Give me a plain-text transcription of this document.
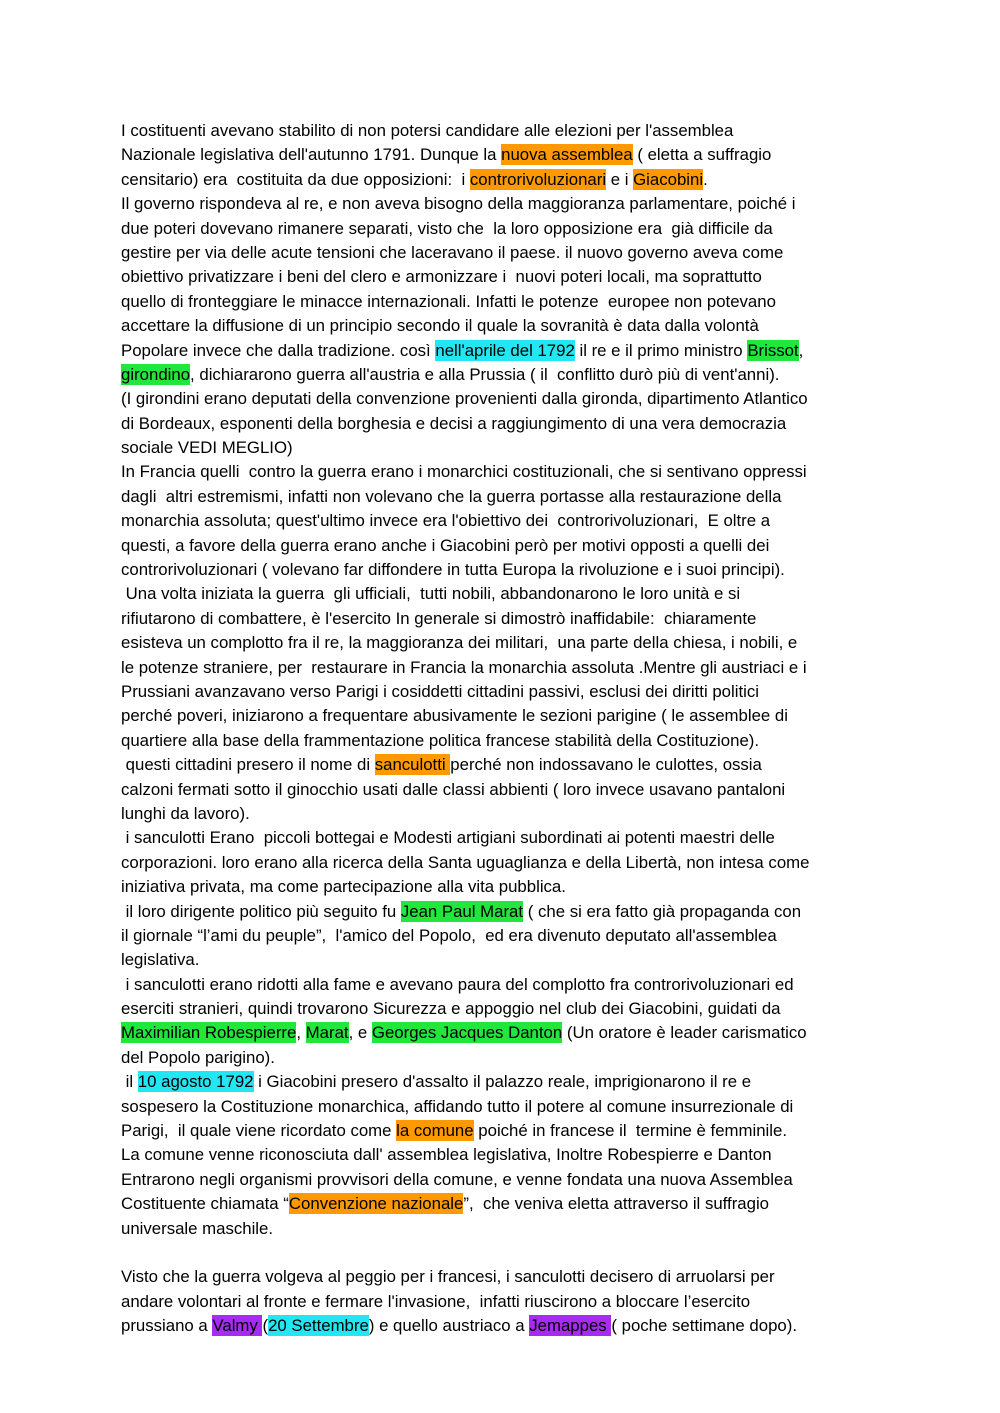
I costituenti avevano stabilito di non potersi candidare alle elezioni per l'assemblea
Nazionale legislativa dell'autunno 1791. Dunque la nuova assemblea ( eletta a suffragio
censitario) era  costituita da due opposizioni:  i controrivoluzionari e i Giacobini.
Il governo rispondeva al re, e non aveva bisogno della maggioranza parlamentare, poiché i
due poteri dovevano rimanere separati, visto che  la loro opposizione era  già difficile da
gestire per via delle acute tensioni che laceravano il paese. il nuovo governo aveva come
obiettivo privatizzare i beni del clero e armonizzare i  nuovi poteri locali, ma soprattutto
quello di fronteggiare le minacce internazionali. Infatti le potenze  europee non potevano
accettare la diffusione di un principio secondo il quale la sovranità è data dalla volontà
Popolare invece che dalla tradizione. così nell'aprile del 1792 il re e il primo ministro Brissot,
girondino, dichiararono guerra all'austria e alla Prussia ( il  conflitto durò più di vent'anni).
(I girondini erano deputati della convenzione provenienti dalla gironda, dipartimento Atlantico
di Bordeaux, esponenti della borghesia e decisi a raggiungimento di una vera democrazia
sociale VEDI MEGLIO)
In Francia quelli  contro la guerra erano i monarchici costituzionali, che si sentivano oppressi
dagli  altri estremismi, infatti non volevano che la guerra portasse alla restaurazione della
monarchia assoluta; quest'ultimo invece era l'obiettivo dei  controrivoluzionari,  E oltre a
questi, a favore della guerra erano anche i Giacobini però per motivi opposti a quelli dei
controrivoluzionari ( volevano far diffondere in tutta Europa la rivoluzione e i suoi principi).
Una volta iniziata la guerra  gli ufficiali,  tutti nobili, abbandonarono le loro unità e si
rifiutarono di combattere, è l'esercito In generale si dimostrò inaffidabile:  chiaramente
esisteva un complotto fra il re, la maggioranza dei militari,  una parte della chiesa, i nobili, e
le potenze straniere, per  restaurare in Francia la monarchia assoluta .Mentre gli austriaci e i
Prussiani avanzavano verso Parigi i cosiddetti cittadini passivi, esclusi dei diritti politici
perché poveri, iniziarono a frequentare abusivamente le sezioni parigine ( le assemblee di
quartiere alla base della frammentazione politica francese stabilità della Costituzione).
questi cittadini presero il nome di sanculotti perché non indossavano le culottes, ossia
calzoni fermati sotto il ginocchio usati dalle classi abbienti ( loro invece usavano pantaloni
lunghi da lavoro).
i sanculotti Erano  piccoli bottegai e Modesti artigiani subordinati ai potenti maestri delle
corporazioni. loro erano alla ricerca della Santa uguaglianza e della Libertà, non intesa come
iniziativa privata, ma come partecipazione alla vita pubblica.
il loro dirigente politico più seguito fu Jean Paul Marat ( che si era fatto già propaganda con
il giornale “l’ami du peuple”,  l'amico del Popolo,  ed era divenuto deputato all'assemblea
legislativa.
i sanculotti erano ridotti alla fame e avevano paura del complotto fra controrivoluzionari ed
eserciti stranieri, quindi trovarono Sicurezza e appoggio nel club dei Giacobini, guidati da
Maximilian Robespierre, Marat, e Georges Jacques Danton (Un oratore è leader carismatico
del Popolo parigino).
il 10 agosto 1792 i Giacobini presero d'assalto il palazzo reale, imprigionarono il re e
sospesero la Costituzione monarchica, affidando tutto il potere al comune insurrezionale di
Parigi,  il quale viene ricordato come la comune poiché in francese il  termine è femminile.
La comune venne riconosciuta dall' assemblea legislativa, Inoltre Robespierre e Danton
Entrarono negli organismi provvisori della comune, e venne fondata una nuova Assemblea
Costituente chiamata “Convenzione nazionale”,  che veniva eletta attraverso il suffragio
universale maschile.
Visto che la guerra volgeva al peggio per i francesi, i sanculotti decisero di arruolarsi per
andare volontari al fronte e fermare l'invasione,  infatti riuscirono a bloccare l’esercito
prussiano a Valmy (20 Settembre) e quello austriaco a Jemappes ( poche settimane dopo).
